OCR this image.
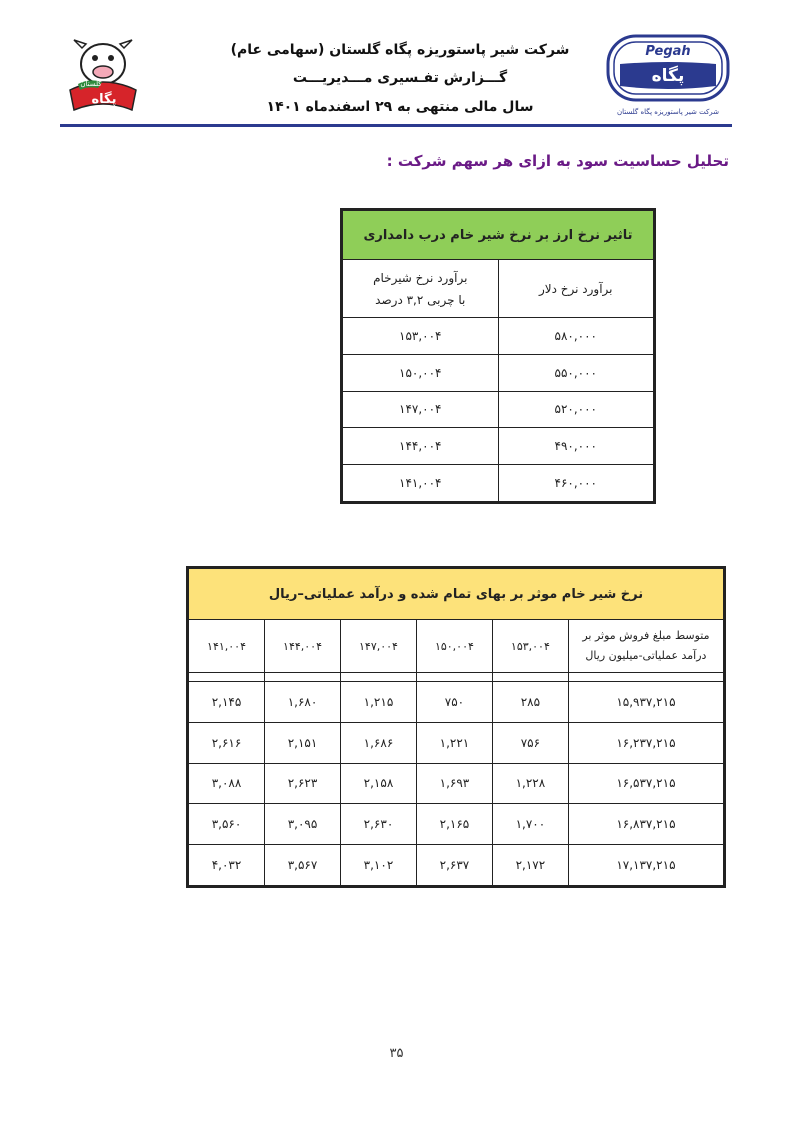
پگاه
گلستان
شرکت شیر پاستوریزه پگاه گلستان (سهامی عام)
گـــزارش تفـسیری مـــدیریـــت
سال مالی منتهی به ۲۹ اسفندماه ۱۴۰۱
Pegah
پگاه
شرکت شیر پاستوریزه پگاه گلستان
تحلیل حساسیت سود به ازای هر سهم شرکت :
تاثیر نرخ ارز بر نرخ شیر خام درب دامداری	
برآورد نرخ دلار	برآورد نرخ شیرخام
با چربی ۳,۲ درصد

۵۸۰,۰۰۰	۱۵۳,۰۰۴
۵۵۰,۰۰۰	۱۵۰,۰۰۴
۵۲۰,۰۰۰	۱۴۷,۰۰۴
۴۹۰,۰۰۰	۱۴۴,۰۰۴
۴۶۰,۰۰۰	۱۴۱,۰۰۴
نرخ شیر خام موثر بر بهای تمام شده و درآمد عملیاتی–ریال					

متوسط مبلغ فروش موثر بر
درآمد عملیاتی-میلیون ریال	۱۵۳,۰۰۴	۱۵۰,۰۰۴	۱۴۷,۰۰۴	۱۴۴,۰۰۴	۱۴۱,۰۰۴

۱۵,۹۳۷,۲۱۵	۲۸۵	۷۵۰	۱,۲۱۵	۱,۶۸۰	۲,۱۴۵
۱۶,۲۳۷,۲۱۵	۷۵۶	۱,۲۲۱	۱,۶۸۶	۲,۱۵۱	۲,۶۱۶
۱۶,۵۳۷,۲۱۵	۱,۲۲۸	۱,۶۹۳	۲,۱۵۸	۲,۶۲۳	۳,۰۸۸
۱۶,۸۳۷,۲۱۵	۱,۷۰۰	۲,۱۶۵	۲,۶۳۰	۳,۰۹۵	۳,۵۶۰
۱۷,۱۳۷,۲۱۵	۲,۱۷۲	۲,۶۳۷	۳,۱۰۲	۳,۵۶۷	۴,۰۳۲
۳۵
